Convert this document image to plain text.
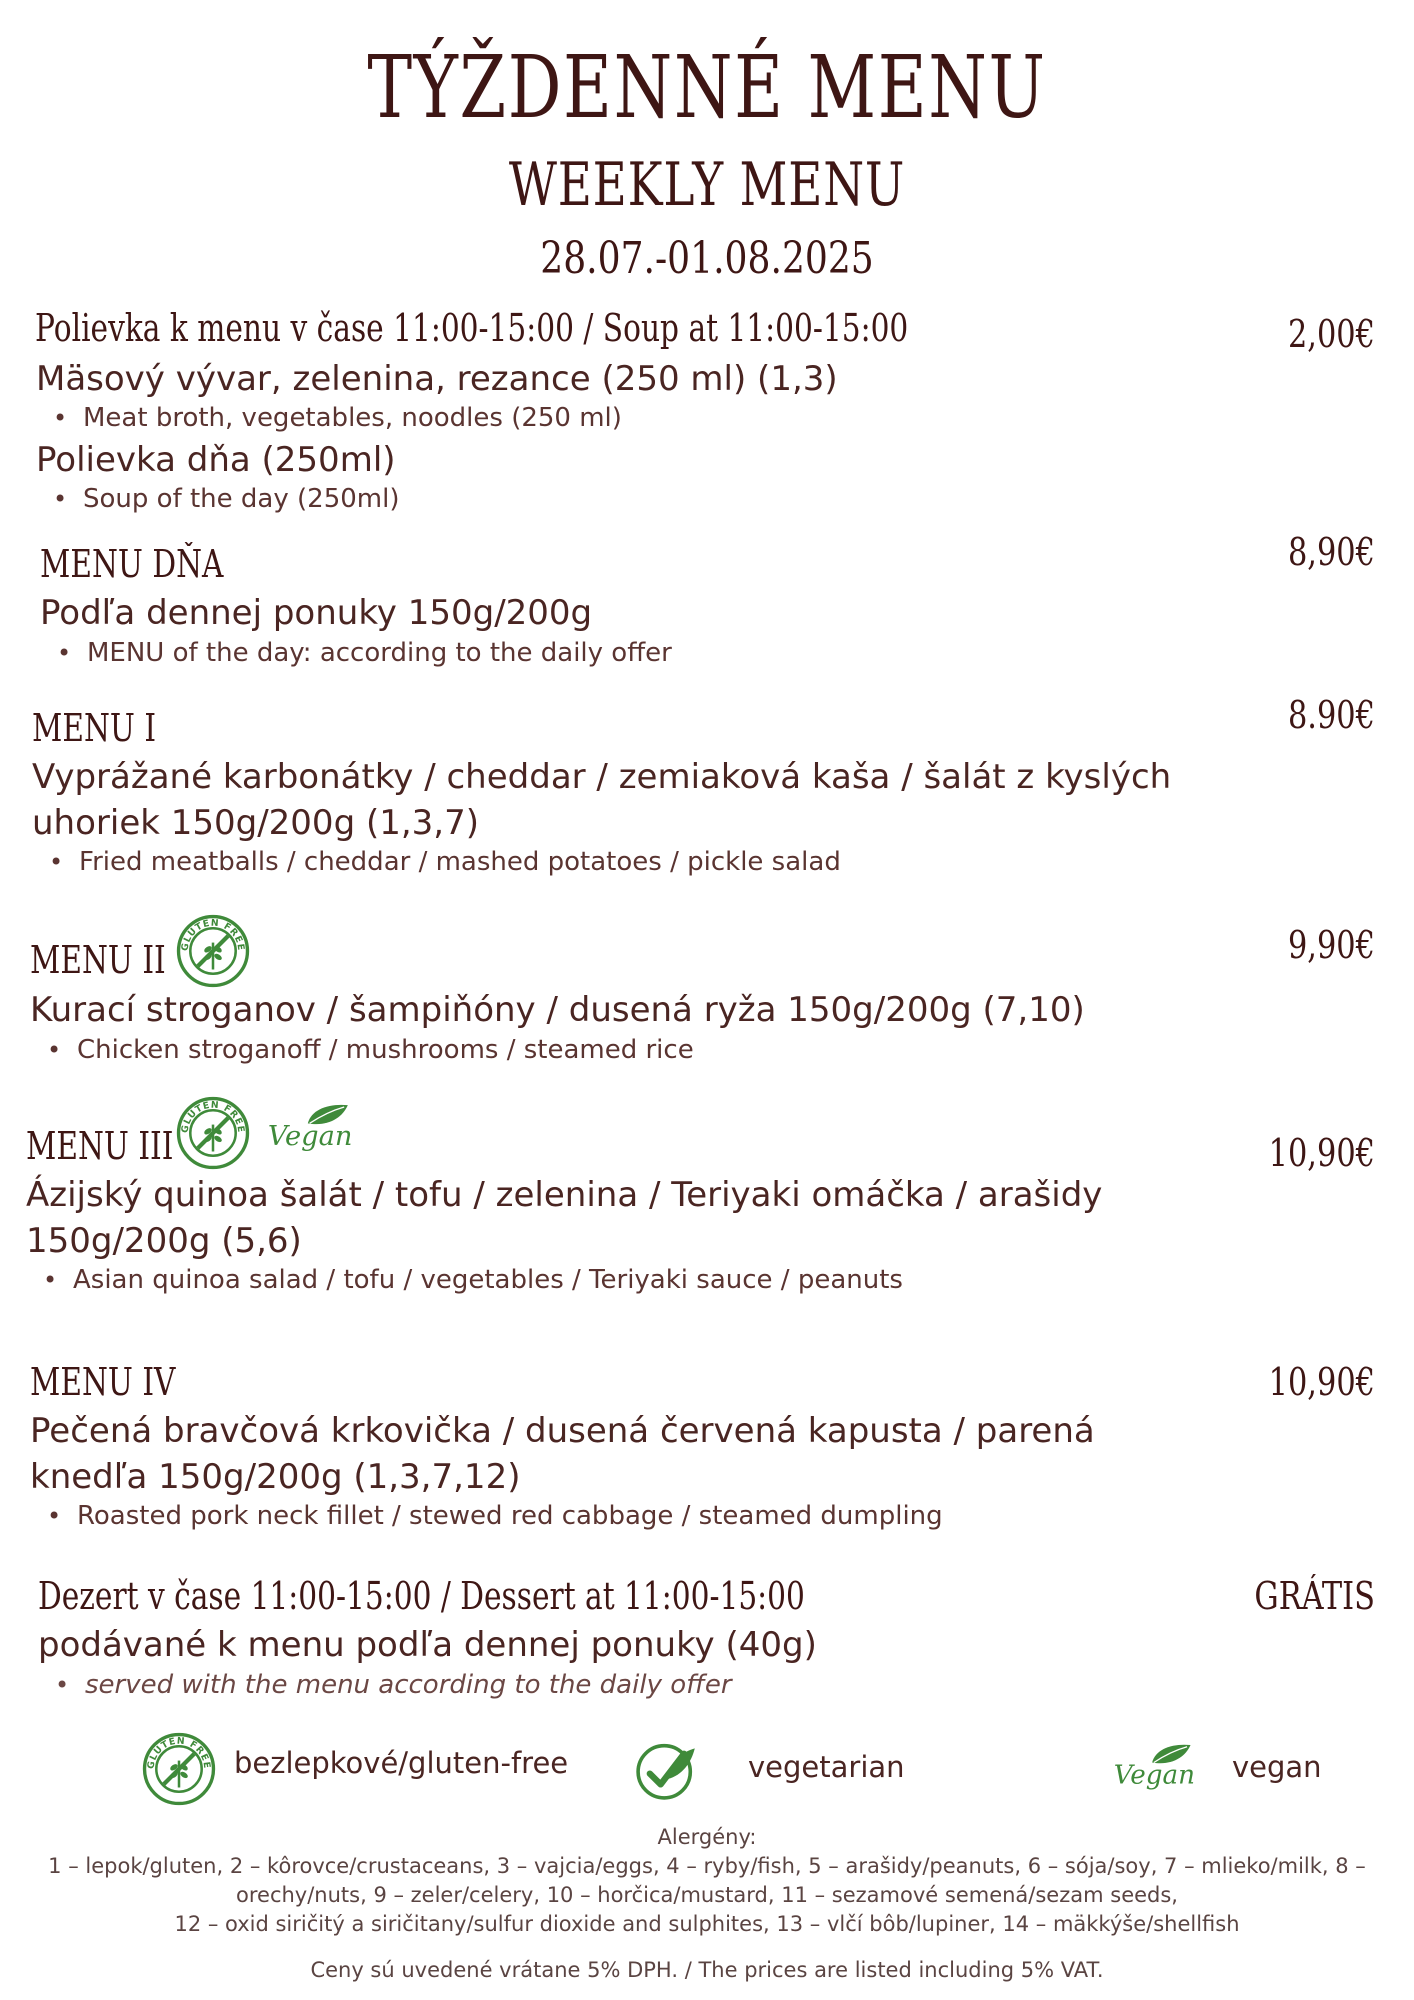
TÝŽDENNÉ MENU
WEEKLY MENU
28.07.-01.08.2025
Polievka k menu v čase 11:00-15:00 / Soup at 11:00-15:00	2,00€
Mäsový vývar, zelenina, rezance (250 ml) (1,3)
• Meat broth, vegetables, noodles (250 ml)
Polievka dňa (250ml)
• Soup of the day (250ml)
MENU DŇA	8,90€
Podľa dennej ponuky 150g/200g
• MENU of the day: according to the daily offer
MENU I	8.90€
Vyprážané karbonátky / cheddar / zemiaková kaša / šalát z kyslých uhoriek 150g/200g (1,3,7)
• Fried meatballs / cheddar / mashed potatoes / pickle salad
MENU II	9,90€
Kurací stroganov / šampiňóny / dusená ryža 150g/200g (7,10)
• Chicken stroganoff / mushrooms / steamed rice
MENU III	10,90€
Ázijský quinoa šalát / tofu / zelenina / Teriyaki omáčka / arašidy 150g/200g (5,6)
• Asian quinoa salad / tofu / vegetables / Teriyaki sauce / peanuts
MENU IV	10,90€
Pečená bravčová krkovička / dusená červená kapusta / parená knedľa 150g/200g (1,3,7,12)
• Roasted pork neck fillet / stewed red cabbage / steamed dumpling
Dezert v čase 11:00-15:00 / Dessert at 11:00-15:00	GRÁTIS
podávané k menu podľa dennej ponuky (40g)
• served with the menu according to the daily offer
bezlepkové/gluten-free	vegetarian	vegan
Alergény:
1 – lepok/gluten, 2 – kôrovce/crustaceans, 3 – vajcia/eggs, 4 – ryby/fish, 5 – arašidy/peanuts, 6 – sója/soy, 7 – mlieko/milk, 8 –
orechy/nuts, 9 – zeler/celery, 10 – horčica/mustard, 11 – sezamové semená/sezam seeds,
12 – oxid siričitý a siričitany/sulfur dioxide and sulphites, 13 – vlčí bôb/lupiner, 14 – mäkkýše/shellfish
Ceny sú uvedené vrátane 5% DPH. / The prices are listed including 5% VAT.
